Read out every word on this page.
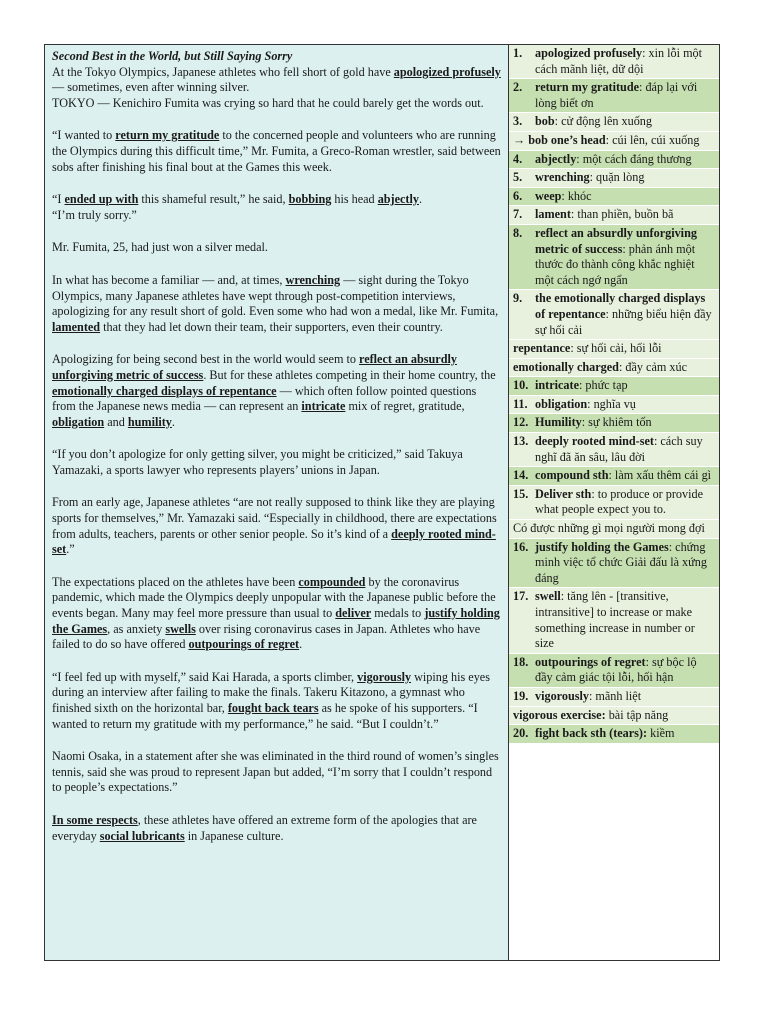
Second Best in the World, but Still Saying Sorry

At the Tokyo Olympics, Japanese athletes who fell short of gold have apologized profusely — sometimes, even after winning silver.
TOKYO — Kenichiro Fumita was crying so hard that he could barely get the words out.

“I wanted to return my gratitude to the concerned people and volunteers who are running the Olympics during this difficult time,” Mr. Fumita, a Greco-Roman wrestler, said between sobs after finishing his final bout at the Games this week.

“I ended up with this shameful result,” he said, bobbing his head abjectly.
“I’m truly sorry.”

Mr. Fumita, 25, had just won a silver medal.

In what has become a familiar — and, at times, wrenching — sight during the Tokyo Olympics, many Japanese athletes have wept through post-competition interviews, apologizing for any result short of gold. Even some who had won a medal, like Mr. Fumita, lamented that they had let down their team, their supporters, even their country.

Apologizing for being second best in the world would seem to reflect an absurdly unforgiving metric of success. But for these athletes competing in their home country, the emotionally charged displays of repentance — which often follow pointed questions from the Japanese news media — can represent an intricate mix of regret, gratitude, obligation and humility.

“If you don’t apologize for only getting silver, you might be criticized,” said Takuya Yamazaki, a sports lawyer who represents players’ unions in Japan.

From an early age, Japanese athletes “are not really supposed to think like they are playing sports for themselves,” Mr. Yamazaki said. “Especially in childhood, there are expectations from adults, teachers, parents or other senior people. So it’s kind of a deeply rooted mind-set.”

The expectations placed on the athletes have been compounded by the coronavirus pandemic, which made the Olympics deeply unpopular with the Japanese public before the events began. Many may feel more pressure than usual to deliver medals to justify holding the Games, as anxiety swells over rising coronavirus cases in Japan. Athletes who have failed to do so have offered outpourings of regret.

“I feel fed up with myself,” said Kai Harada, a sports climber, vigorously wiping his eyes during an interview after failing to make the finals. Takeru Kitazono, a gymnast who finished sixth on the horizontal bar, fought back tears as he spoke of his supporters. “I wanted to return my gratitude with my performance,” he said. “But I couldn’t.”

Naomi Osaka, in a statement after she was eliminated in the third round of women’s singles tennis, said she was proud to represent Japan but added, “I’m sorry that I couldn’t respond to people’s expectations.”

In some respects, these athletes have offered an extreme form of the apologies that are everyday social lubricants in Japanese culture.

1.	apologized profusely: xin lỗi một cách mãnh liệt, dữ dội
2.	return my gratitude: đáp lại với lòng biết ơn
3.	bob: cử động lên xuống
→ bob one’s head: cúi lên, cúi xuống
4.	abjectly: một cách đáng thương
5.	wrenching: quặn lòng
6.	weep: khóc
7.	lament: than phiền, buồn bã
8.	reflect an absurdly unforgiving metric of success: phản ánh một thước đo thành công khắc nghiệt một cách ngớ ngẩn
9.	the emotionally charged displays of repentance: những biểu hiện đầy sự hối cải
repentance: sự hối cải, hối lỗi
emotionally charged: đầy cảm xúc
10. intricate: phức tạp
11. obligation: nghĩa vụ
12. Humility: sự khiêm tốn
13. deeply rooted mind-set: cách suy nghĩ đã ăn sâu, lâu đời
14. compound sth: làm xấu thêm cái gì
15. Deliver sth: to produce or provide what people expect you to.
Có được những gì mọi người mong đợi
16. justify holding the Games: chứng minh việc tổ chức Giải đấu là xứng đáng
17. swell: tăng lên - [transitive, intransitive] to increase or make something increase in number or size
18. outpourings of regret: sự bộc lộ đầy cảm giác tội lỗi, hối hận
19. vigorously: mãnh liệt
vigorous exercise: bài tập năng
20. fight back sth (tears): kiềm
